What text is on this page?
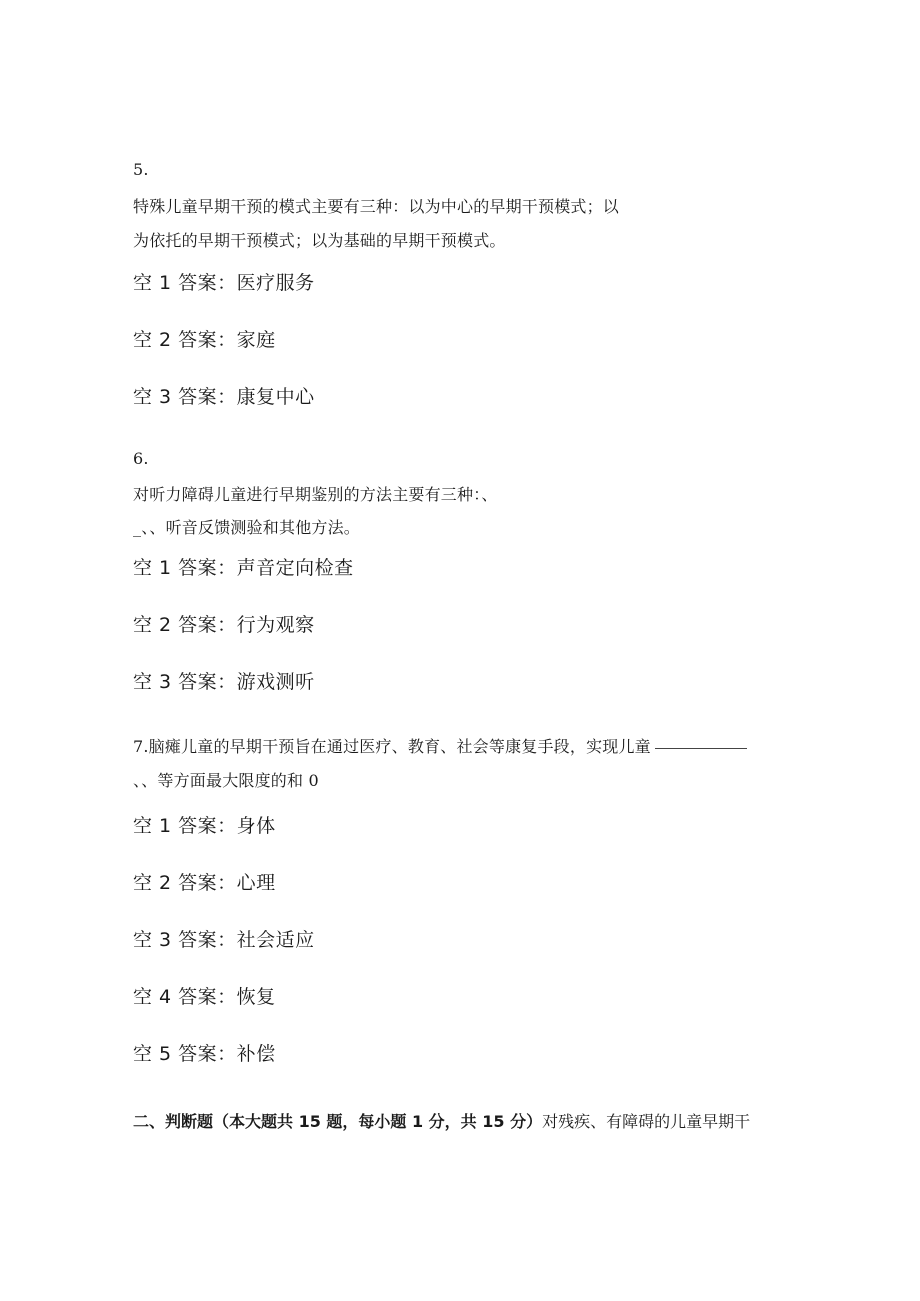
5.
特殊儿童早期干预的模式主要有三种：以为中心的早期干预模式；以
为依托的早期干预模式；以为基础的早期干预模式。
空 1 答案：医疗服务
空 2 答案：家庭
空 3 答案：康复中心
6.
对听力障碍儿童进行早期鉴别的方法主要有三种：、
_、、听音反馈测验和其他方法。
空 1 答案：声音定向检查
空 2 答案：行为观察
空 3 答案：游戏测听
7.脑瘫儿童的早期干预旨在通过医疗、教育、社会等康复手段，实现儿童
、、等方面最大限度的和 0
空 1 答案：身体
空 2 答案：心理
空 3 答案：社会适应
空 4 答案：恢复
空 5 答案：补偿
二、判断题（本大题共 15 题，每小题 1 分，共 15 分）对残疾、有障碍的儿童早期干
